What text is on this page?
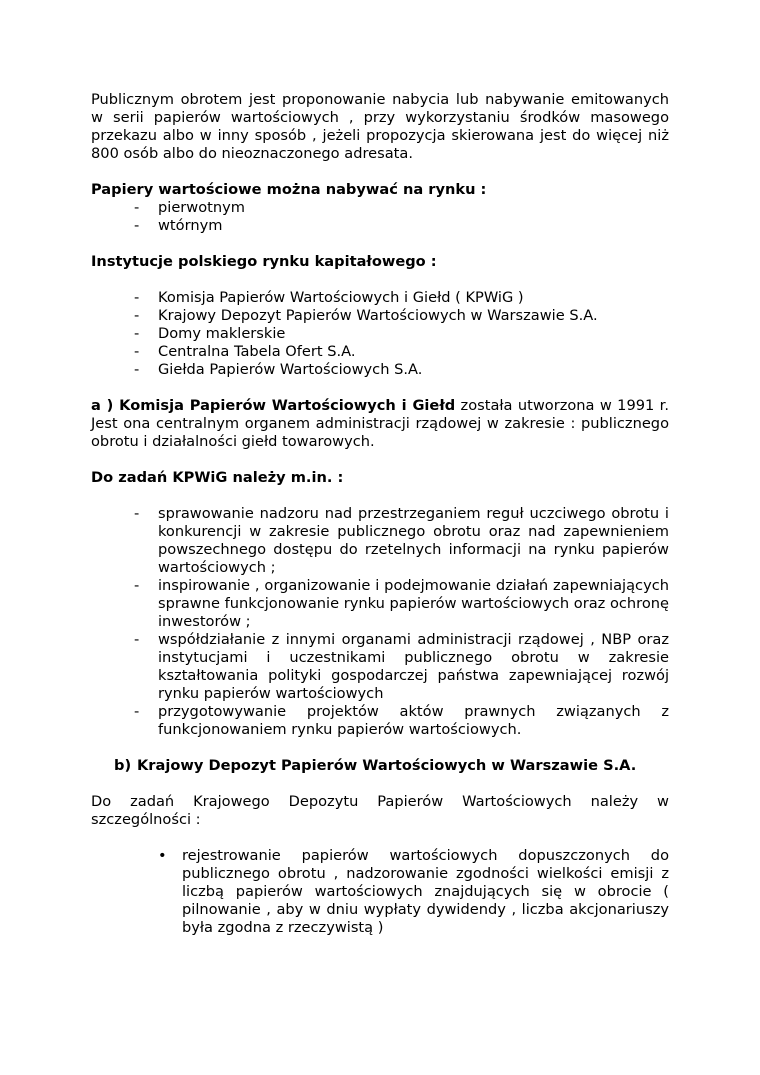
Publicznym obrotem jest proponowanie nabycia lub nabywanie emitowanych w serii papierów wartościowych , przy wykorzystaniu środków masowego przekazu albo w inny sposób , jeżeli propozycja skierowana jest do więcej niż 800 osób albo do nieoznaczonego adresata.

Papiery wartościowe można nabywać na rynku :

- pierwotnym
- wtórnym

Instytucje polskiego rynku kapitałowego :

- Komisja Papierów Wartościowych i Giełd ( KPWiG )
- Krajowy Depozyt Papierów Wartościowych w Warszawie S.A.
- Domy maklerskie
- Centralna Tabela Ofert S.A.
- Giełda Papierów Wartościowych S.A.

a ) Komisja Papierów Wartościowych i Giełd została utworzona w 1991 r. Jest ona centralnym organem administracji rządowej w zakresie : publicznego obrotu i działalności giełd towarowych.

Do zadań KPWiG należy m.in. :

- sprawowanie nadzoru nad przestrzeganiem reguł uczciwego obrotu i konkurencji w zakresie publicznego obrotu oraz nad zapewnieniem powszechnego dostępu do rzetelnych informacji na rynku papierów wartościowych ;
- inspirowanie , organizowanie i podejmowanie działań zapewniających sprawne funkcjonowanie rynku papierów wartościowych oraz ochronę inwestorów ;
- współdziałanie z innymi organami administracji rządowej , NBP oraz instytucjami i uczestnikami publicznego obrotu w zakresie kształtowania polityki gospodarczej państwa zapewniającej rozwój rynku papierów wartościowych
- przygotowywanie projektów aktów prawnych związanych z funkcjonowaniem rynku papierów wartościowych.

b) Krajowy Depozyt Papierów Wartościowych w Warszawie S.A.

Do zadań Krajowego Depozytu Papierów Wartościowych należy w szczególności :

• rejestrowanie papierów wartościowych dopuszczonych do publicznego obrotu , nadzorowanie zgodności wielkości emisji z liczbą papierów wartościowych znajdujących się w obrocie ( pilnowanie , aby w dniu wypłaty dywidendy , liczba akcjonariuszy była zgodna z rzeczywistą )
